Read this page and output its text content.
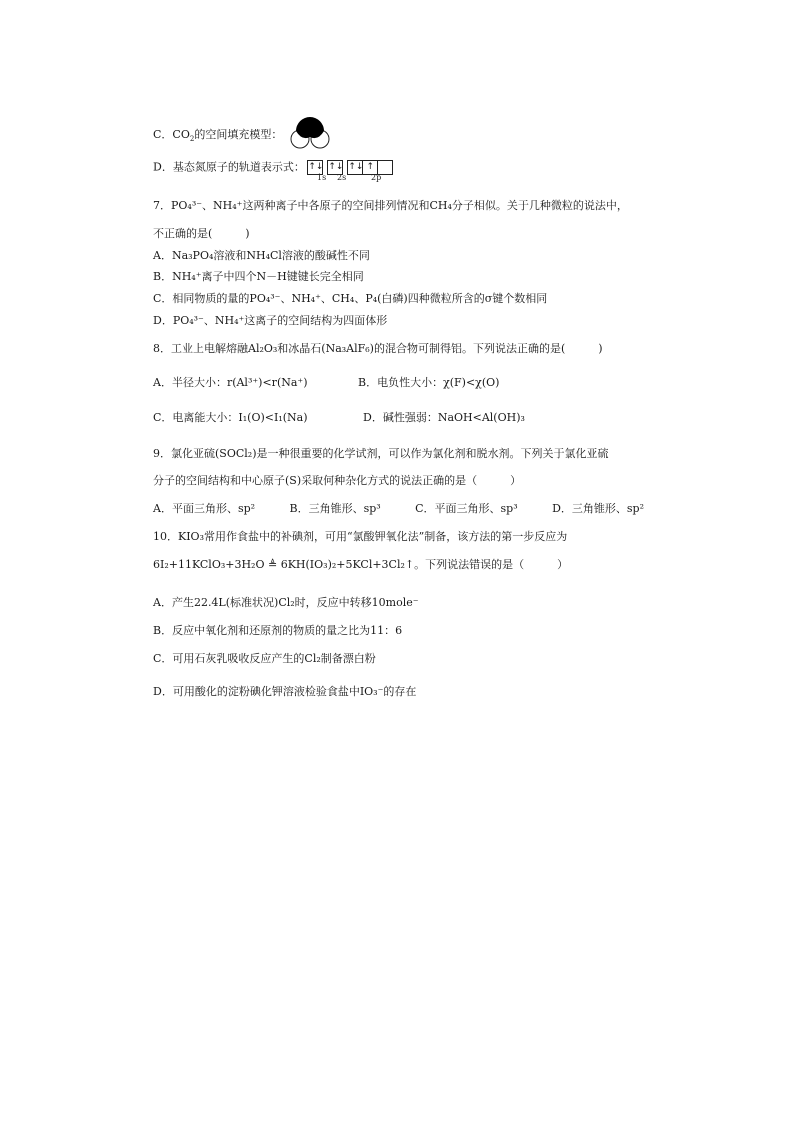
C．$CO_2$的空间填充模型：
D．基态氮原子的轨道表示式： ↑↓ ↑↓ ↑↓ ↑
1s 2s	2p
7．PO₄³⁻、NH₄⁺这两种离子中各原子的空间排列情况和CH₄分子相似。关于几种微粒的说法中，
不正确的是(　　　)
A．Na₃PO₄溶液和NH₄Cl溶液的酸碱性不同
B．NH₄⁺离子中四个N－H键键长完全相同
C．相同物质的量的PO₄³⁻、NH₄⁺、CH₄、P₄(白磷)四种微粒所含的σ键个数相同
D．PO₄³⁻、NH₄⁺这离子的空间结构为四面体形
8．工业上电解熔融Al₂O₃和冰晶石(Na₃AlF₆)的混合物可制得铝。下列说法正确的是(　　　)
A．半径大小：r(Al³⁺)<r(Na⁺)	B．电负性大小：χ(F)<χ(O)
C．电离能大小：I₁(O)<I₁(Na)	D．碱性强弱：NaOH<Al(OH)₃
9．氯化亚硫(SOCl₂)是一种很重要的化学试剂，可以作为氯化剂和脱水剂。下列关于氯化亚硫
分子的空间结构和中心原子(S)采取何种杂化方式的说法正确的是（　　　）
A．平面三角形、sp²	B．三角锥形、sp³	C．平面三角形、sp³	D．三角锥形、sp²
10．KIO₃常用作食盐中的补碘剂，可用“氯酸钾氧化法”制备，该方法的第一步反应为
6I₂+11KClO₃+3H₂O ≜ 6KH(IO₃)₂+5KCl+3Cl₂↑。下列说法错误的是（　　　）
A．产生22.4L(标准状况)Cl₂时，反应中转移10mole⁻
B．反应中氧化剂和还原剂的物质的量之比为11：6
C．可用石灰乳吸收反应产生的Cl₂制备漂白粉
D．可用酸化的淀粉碘化钾溶液检验食盐中IO₃⁻的存在
